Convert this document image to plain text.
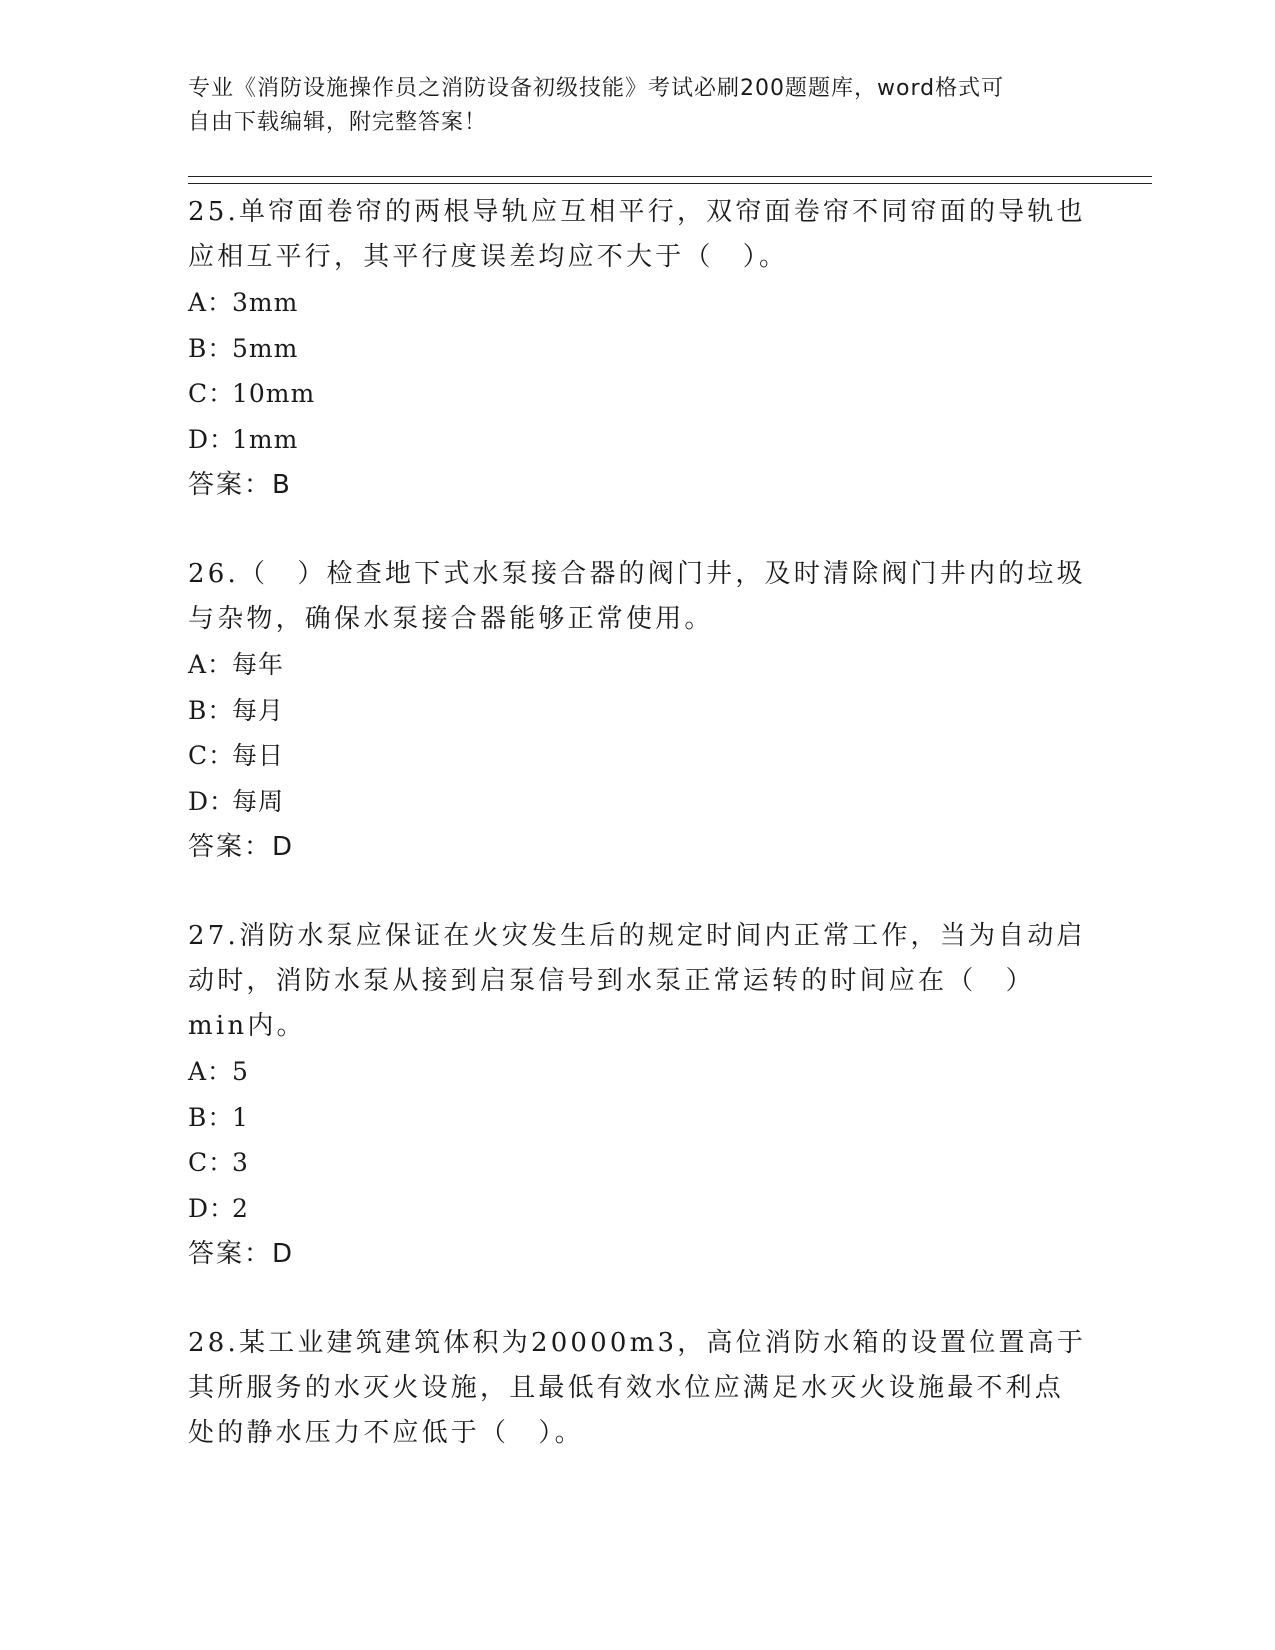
专业《消防设施操作员之消防设备初级技能》考试必刷200题题库，word格式可
自由下载编辑，附完整答案！

25.单帘面卷帘的两根导轨应互相平行，双帘面卷帘不同帘面的导轨也应相互平行，其平行度误差均应不大于（　）。

A：3mm
B：5mm
C：10mm
D：1mm
答案：B

26.（　）检查地下式水泵接合器的阀门井，及时清除阀门井内的垃圾与杂物，确保水泵接合器能够正常使用。

A：每年
B：每月
C：每日
D：每周
答案：D

27.消防水泵应保证在火灾发生后的规定时间内正常工作，当为自动启动时，消防水泵从接到启泵信号到水泵正常运转的时间应在（　）min内。

A：5
B：1
C：3
D：2
答案：D

28.某工业建筑建筑体积为20000m3，高位消防水箱的设置位置高于其所服务的水灭火设施，且最低有效水位应满足水灭火设施最不利点处的静水压力不应低于（　）。
